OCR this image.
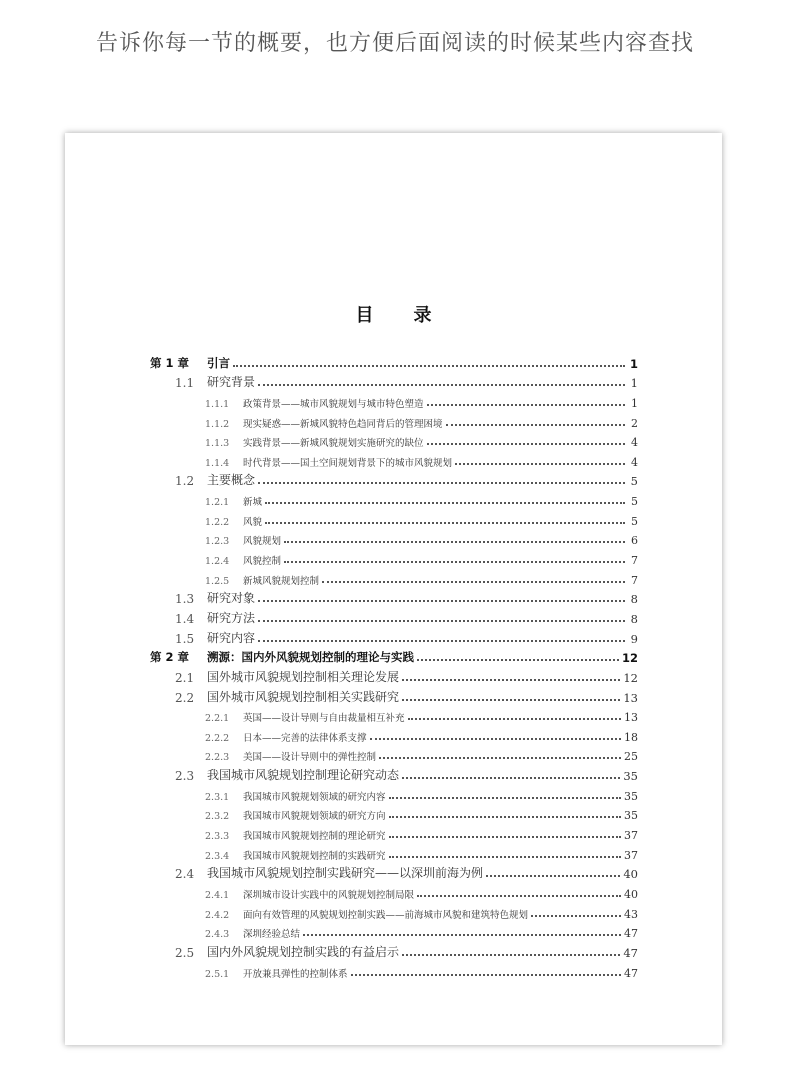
告诉你每一节的概要，也方便后面阅读的时候某些内容查找
目录
第 1 章	引言	1
1.1	研究背景	1
1.1.1	政策背景——城市风貌规划与城市特色塑造	1
1.1.2	现实疑惑——新城风貌特色趋同背后的管理困境	2
1.1.3	实践背景——新城风貌规划实施研究的缺位	4
1.1.4	时代背景——国土空间规划背景下的城市风貌规划	4
1.2	主要概念	5
1.2.1	新城	5
1.2.2	风貌	5
1.2.3	风貌规划	6
1.2.4	风貌控制	7
1.2.5	新城风貌规划控制	7
1.3	研究对象	8
1.4	研究方法	8
1.5	研究内容	9
第 2 章	溯源：国内外风貌规划控制的理论与实践	12
2.1	国外城市风貌规划控制相关理论发展	12
2.2	国外城市风貌规划控制相关实践研究	13
2.2.1	英国——设计导则与自由裁量相互补充	13
2.2.2	日本——完善的法律体系支撑	18
2.2.3	美国——设计导则中的弹性控制	25
2.3	我国城市风貌规划控制理论研究动态	35
2.3.1	我国城市风貌规划领域的研究内容	35
2.3.2	我国城市风貌规划领域的研究方向	35
2.3.3	我国城市风貌规划控制的理论研究	37
2.3.4	我国城市风貌规划控制的实践研究	37
2.4	我国城市风貌规划控制实践研究——以深圳前海为例	40
2.4.1	深圳城市设计实践中的风貌规划控制局限	40
2.4.2	面向有效管理的风貌规划控制实践——前海城市风貌和建筑特色规划	43
2.4.3	深圳经验总结	47
2.5	国内外风貌规划控制实践的有益启示	47
2.5.1	开放兼具弹性的控制体系	47
